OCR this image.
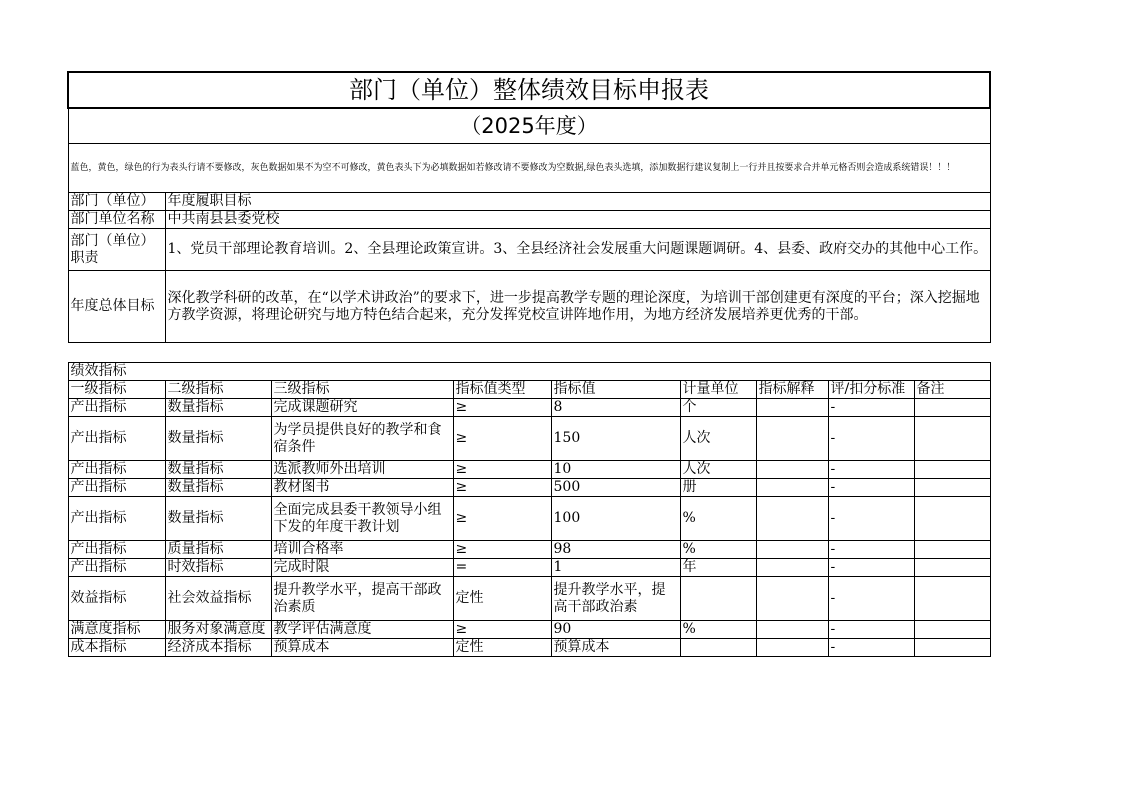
部门（单位）整体绩效目标申报表								
（2025年度）								
蓝色，黄色，绿色的行为表头行请不要修改，灰色数据如果不为空不可修改，黄色表头下为必填数据如若修改请不要修改为空数据,绿色表头选填，添加数据行建议复制上一行并且按要求合并单元格否则会造成系统错误！！！								
部门（单位）	年度履职目标							
部门单位名称	中共南县县委党校							
部门（单位）职责	1、党员干部理论教育培训。2、全县理论政策宣讲。3、全县经济社会发展重大问题课题调研。4、县委、政府交办的其他中心工作。							
年度总体目标	深化教学科研的改革，在“以学术讲政治”的要求下，进一步提高教学专题的理论深度，为培训干部创建更有深度的平台；深入挖掘地方教学资源，将理论研究与地方特色结合起来，充分发挥党校宣讲阵地作用，为地方经济发展培养更优秀的干部。							

绩效指标								
一级指标	二级指标	三级指标	指标值类型	指标值	计量单位	指标解释	评/扣分标准	备注
产出指标	数量指标	完成课题研究	≥	8	个		-	
产出指标	数量指标	为学员提供良好的教学和食宿条件	≥	150	人次		-	
产出指标	数量指标	选派教师外出培训	≥	10	人次		-	
产出指标	数量指标	教材图书	≥	500	册		-	
产出指标	数量指标	全面完成县委干教领导小组下发的年度干教计划	≥	100	%		-	
产出指标	质量指标	培训合格率	≥	98	%		-	
产出指标	时效指标	完成时限	=	1	年		-	
效益指标	社会效益指标	提升教学水平，提高干部政治素质	定性	提升教学水平，提高干部政治素			-	
满意度指标	服务对象满意度	教学评估满意度	≥	90	%		-	
成本指标	经济成本指标	预算成本	定性	预算成本			-	
